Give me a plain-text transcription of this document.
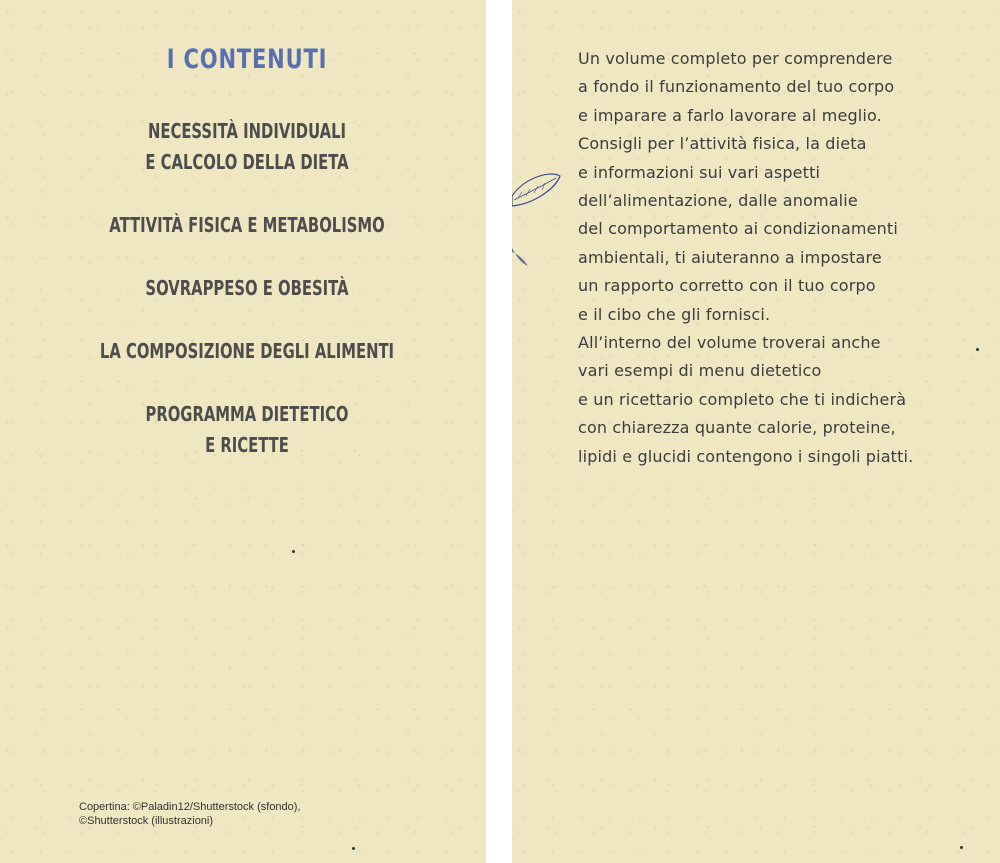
I CONTENUTI
NECESSITÀ INDIVIDUALI
E CALCOLO DELLA DIETA
ATTIVITÀ FISICA E METABOLISMO
SOVRAPPESO E OBESITÀ
LA COMPOSIZIONE DEGLI ALIMENTI
PROGRAMMA DIETETICO
E RICETTE
Copertina: ©Paladin12/Shutterstock (sfondo),
©Shutterstock (illustrazioni)
Un volume completo per comprendere
a fondo il funzionamento del tuo corpo
e imparare a farlo lavorare al meglio.
Consigli per l’attività fisica, la dieta
e informazioni sui vari aspetti
dell’alimentazione, dalle anomalie
del comportamento ai condizionamenti
ambientali, ti aiuteranno a impostare
un rapporto corretto con il tuo corpo
e il cibo che gli fornisci.
All’interno del volume troverai anche
vari esempi di menu dietetico
e un ricettario completo che ti indicherà
con chiarezza quante calorie, proteine,
lipidi e glucidi contengono i singoli piatti.
